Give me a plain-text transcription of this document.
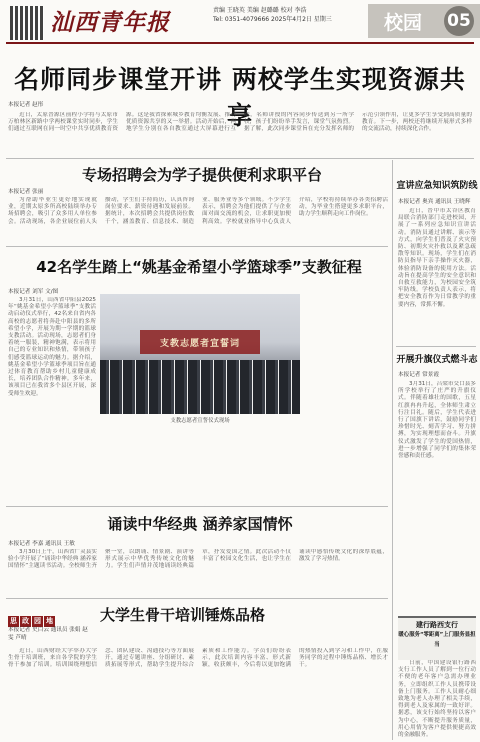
汕西青年报	责编 王晓英 美编 赵璐璐 校对 李浩
Tel: 0351-4079666 2025年4月2日 星期三	校园 05
名师同步课堂开讲 两校学生实现资源共享
本报记者 赵彤

近日，太原晋源区前程小学将与太原市万柏林区新路中学两校课堂实时同步，学生们通过互联网在同一时空中共享优质教育资源。这是我省探索城乡教育均衡发展、推动优质资源共享的又一举措。活动开始后，两地学生分别在各自教室通过大屏幕进行互动，名师讲授的内容同步传送到另一所学校，孩子们纷纷举手发言，课堂气氛热烈。据了解，此次同步课堂旨在充分发挥名师的示范引领作用，让更多学生享受到高质量的教育。下一步，两校还将继续开展形式多样的交流活动，持续深化合作。

专场招聘会为学子提供便利求职平台
本报记者 张丽

为帮助毕业生更好地实现就业，近期太原多所高校陆续举办专场招聘会，吸引了众多用人单位参会。活动现场，各企业展位前人头攒动，学生们手持简历，认真咨询岗位要求、薪资待遇和发展前景。据统计，本次招聘会共提供岗位数千个，涵盖教育、信息技术、制造业、服务业等多个领域。不少学生表示，招聘会为他们提供了与企业面对面交流的机会，让求职更加便利高效。学校就业指导中心负责人介绍，学校将持续举办各类招聘活动，为毕业生搭建更多求职平台，助力学生顺利走向工作岗位。

42名学生踏上“姚基金希望小学篮球季”支教征程
本报记者 刘军 文/图

3月31日，山西省中阳县2025年“姚基金希望小学篮球季”支教活动启动仪式举行，42名来自省内各高校的志愿者将奔赴中阳县的多所希望小学，开展为期一学期的篮球支教活动。活动现场，志愿者们身着统一服装，精神饱满，表示将用自己的专业知识和热情，带领孩子们感受篮球运动的魅力。据介绍，姚基金希望小学篮球季项目旨在通过体育教育帮助乡村儿童健康成长，培养团队合作精神。多年来，该项目已在我省多个县区开展，深受师生欢迎。

支教志愿者宣誓词
支教志愿者宣誓仪式现场

诵读中华经典 涵养家国情怀
本报记者 李嘉 通讯员 王敏

3月30日上午，山西省广灵县实验小学开展了“诵读中华经典 涵养家国情怀”主题读书活动。全校师生齐聚一堂，以朗诵、情景剧、演讲等形式展示中华优秀传统文化的魅力。学生们声情并茂地诵读经典篇章，抒发爱国之情。此次活动不仅丰富了校园文化生活，也让学生在诵读中感悟传统文化的深厚底蕴，激发了学习热情。

思 政 园 地	大学生骨干培训锤炼品格
本报记者 史白云 通讯员 张娟 赵雯 芦晴

近日，山西财经大学举办大学生骨干培训班，来自各学院的学生骨干参加了培训。培训围绕理想信念、团队建设、沟通技巧等方面展开，通过专题讲座、分组研讨、素质拓展等形式，帮助学生提升综合素质和工作能力。学员们纷纷表示，此次培训内容丰富、形式新颖，收获颇丰，今后将以更加饱满的热情投入到学习和工作中，在服务同学的过程中锤炼品格、增长才干。

宣讲应急知识筑防线
本报记者 奥宾 通讯员 王晓辉

近日，晋中市太谷区教育局联合消防部门走进校园，开展了一系列应急知识宣讲活动。消防员通过讲解、演示等方式，向学生们普及了火灾预防、初期火灾扑救以及紧急疏散等知识。现场，学生们在消防员指导下亲手操作灭火器，体验消防设备的使用方法。活动旨在提高学生的安全意识和自救互救能力，为校园安全筑牢防线。学校负责人表示，将把安全教育作为日常教学的重要内容，常抓不懈。

开展升旗仪式燃斗志
本报记者 常景霞

3月31日，吕梁市交口县多所学校举行了庄严的升旗仪式。伴随着雄壮的国歌，五星红旗冉冉升起，全体师生肃立行注目礼。随后，学生代表进行了国旗下讲话，鼓励同学们珍惜时光、刻苦学习、努力拼搏，为实现理想而奋斗。升旗仪式激发了学生的爱国热情，进一步增强了同学们的集体荣誉感和责任感。

建行路西支行
暖心服务“零距离”上门服务显担当

日前，中国建设银行路西支行工作人员了解到一位行动不便的老年客户急需办理业务，立即组织工作人员携带设备上门服务。工作人员耐心细致地为老人办理了相关手续，得到老人及家属的一致好评。据悉，该支行始终坚持以客户为中心，不断提升服务质量，用心用情为客户提供便捷高效的金融服务。
